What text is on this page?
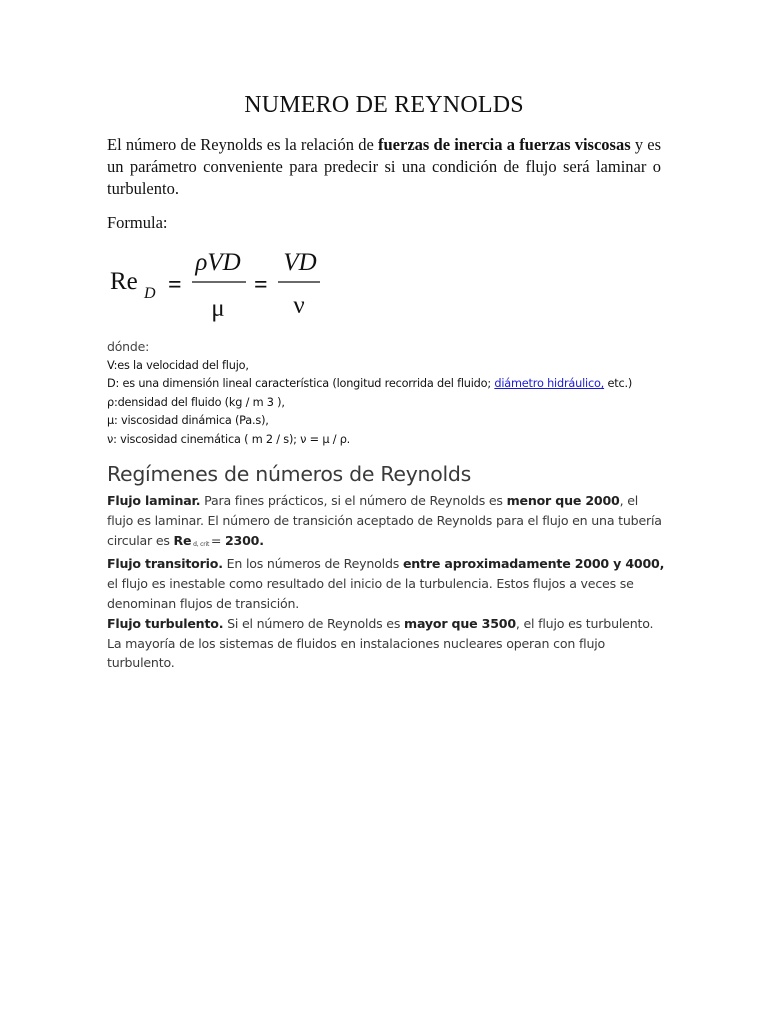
NUMERO DE REYNOLDS
El número de Reynolds es la relación de fuerzas de inercia a fuerzas viscosas y es un parámetro conveniente para predecir si una condición de flujo será laminar o turbulento.
Formula:
Re D =
ρVD
μ
=
VD
ν
dónde:
V:es la velocidad del flujo,
D: es una dimensión lineal característica (longitud recorrida del fluido; diámetro hidráulico, etc.)
ρ:densidad del fluido (kg / m 3 ),
μ: viscosidad dinámica (Pa.s),
ν: viscosidad cinemática ( m 2 / s); ν = μ / ρ.
Regímenes de números de Reynolds
Flujo laminar. Para fines prácticos, si el número de Reynolds es menor que 2000, el flujo es laminar. El número de transición aceptado de Reynolds para el flujo en una tubería circular es Re d, crit = 2300.
Flujo transitorio. En los números de Reynolds entre aproximadamente 2000 y 4000, el flujo es inestable como resultado del inicio de la turbulencia. Estos flujos a veces se denominan flujos de transición.
Flujo turbulento. Si el número de Reynolds es mayor que 3500, el flujo es turbulento. La mayoría de los sistemas de fluidos en instalaciones nucleares operan con flujo turbulento.
